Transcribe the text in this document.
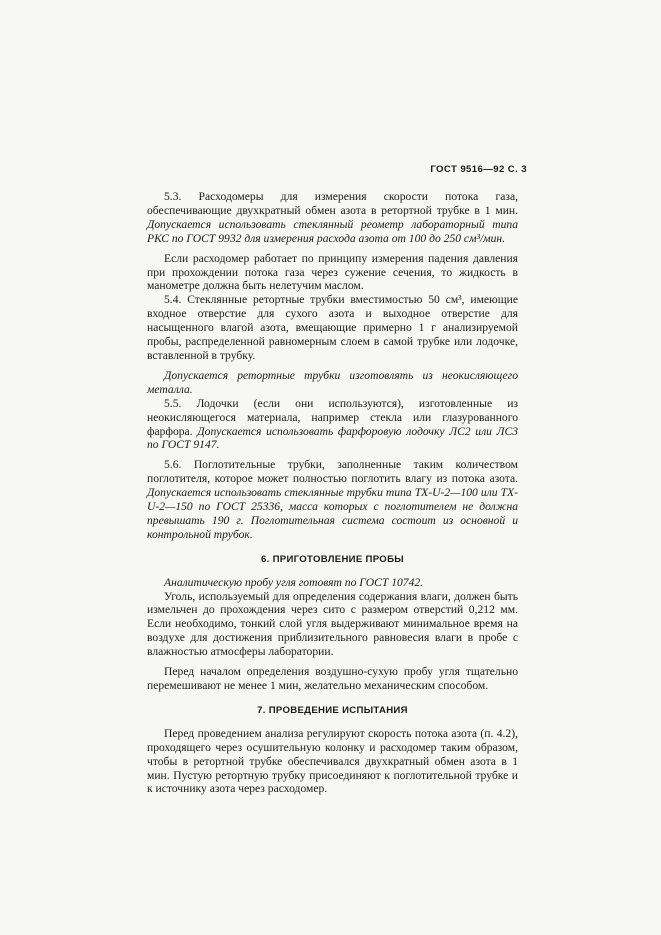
ГОСТ 9516—92 С. 3

5.3. Расходомеры для измерения скорости потока газа, обеспечивающие двухкратный обмен азота в ретортной трубке в 1 мин. Допускается использовать стеклянный реометр лабораторный типа РКС по ГОСТ 9932 для измерения расхода азота от 100 до 250 см³/мин.

Если расходомер работает по принципу измерения падения давления при прохождении потока газа через сужение сечения, то жидкость в манометре должна быть нелетучим маслом.

5.4. Стеклянные ретортные трубки вместимостью 50 см³, имеющие входное отверстие для сухого азота и выходное отверстие для насыщенного влагой азота, вмещающие примерно 1 г анализируемой пробы, распределенной равномерным слоем в самой трубке или лодочке, вставленной в трубку.

Допускается ретортные трубки изготовлять из неокисляющего металла.

5.5. Лодочки (если они используются), изготовленные из неокисляющегося материала, например стекла или глазурованного фарфора. Допускается использовать фарфоровую лодочку ЛС2 или ЛС3 по ГОСТ 9147.

5.6. Поглотительные трубки, заполненные таким количеством поглотителя, которое может полностью поглотить влагу из потока азота. Допускается использовать стеклянные трубки типа ТХ-U-2—100 или ТХ-U-2—150 по ГОСТ 25336, масса которых с поглотителем не должна превышать 190 г. Поглотительная система состоит из основной и контрольной трубок.

6. ПРИГОТОВЛЕНИЕ ПРОБЫ

Аналитическую пробу угля готовят по ГОСТ 10742.

Уголь, используемый для определения содержания влаги, должен быть измельчен до прохождения через сито с размером отверстий 0,212 мм. Если необходимо, тонкий слой угля выдерживают минимальное время на воздухе для достижения приблизительного равновесия влаги в пробе с влажностью атмосферы лаборатории.

Перед началом определения воздушно-сухую пробу угля тщательно перемешивают не менее 1 мин, желательно механическим способом.

7. ПРОВЕДЕНИЕ ИСПЫТАНИЯ

Перед проведением анализа регулируют скорость потока азота (п. 4.2), проходящего через осушительную колонку и расходомер таким образом, чтобы в ретортной трубке обеспечивался двухкратный обмен азота в 1 мин. Пустую ретортную трубку присоединяют к поглотительной трубке и к источнику азота через расходомер.
